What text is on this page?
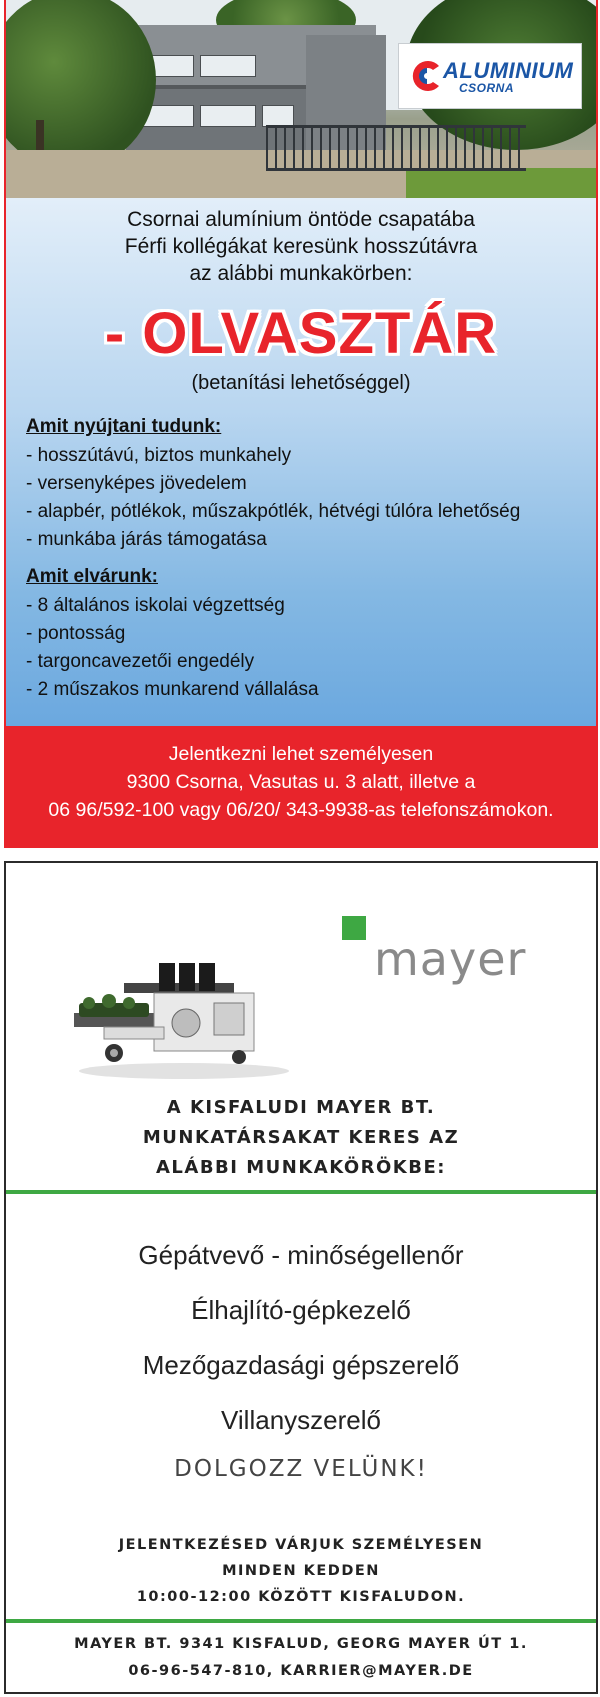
ALUMINIUM
CSORNA
Csornai alumínium öntöde csapatába
Férfi kollégákat keresünk hosszútávra
az alábbi munkakörben:
- OLVASZTÁR
(betanítási lehetőséggel)
Amit nyújtani tudunk:
- hosszútávú, biztos munkahely
- versenyképes jövedelem
- alapbér, pótlékok, műszakpótlék, hétvégi túlóra lehetőség
- munkába járás támogatása
Amit elvárunk:
- 8 általános iskolai végzettség
- pontosság
- targoncavezetői engedély
- 2 műszakos munkarend vállalása
Jelentkezni lehet személyesen
9300 Csorna, Vasutas u. 3 alatt, illetve a
06 96/592-100 vagy 06/20/ 343-9938-as telefonszámokon.
mayer
A KISFALUDI MAYER BT.
MUNKATÁRSAKAT KERES AZ
ALÁBBI MUNKAKÖRÖKBE:
Gépátvevő - minőségellenőr
Élhajlító-gépkezelő
Mezőgazdasági gépszerelő
Villanyszerelő
DOLGOZZ VELÜNK!
JELENTKEZÉSED VÁRJUK SZEMÉLYESEN
MINDEN KEDDEN
10:00-12:00 KÖZÖTT KISFALUDON.
MAYER BT. 9341 KISFALUD, GEORG MAYER ÚT 1.
06-96-547-810, KARRIER@MAYER.DE
